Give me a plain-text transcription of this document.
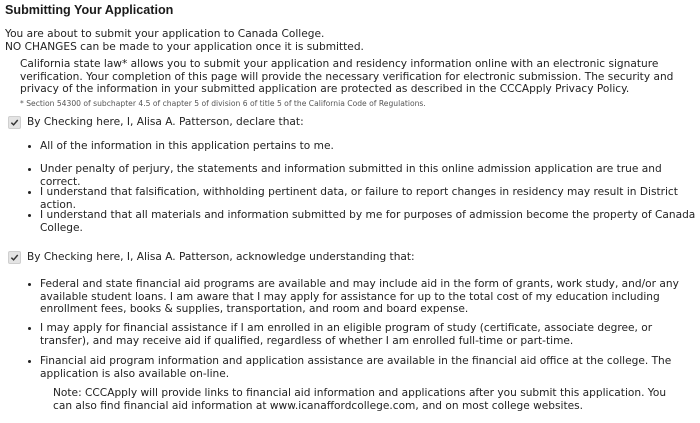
Submitting Your Application
You are about to submit your application to Canada College.
NO CHANGES can be made to your application once it is submitted.
California state law* allows you to submit your application and residency information online with an electronic signature verification. Your completion of this page will provide the necessary verification for electronic submission. The security and privacy of the information in your submitted application are protected as described in the CCCApply Privacy Policy.
* Section 54300 of subchapter 4.5 of chapter 5 of division 6 of title 5 of the California Code of Regulations.
By Checking here, I, Alisa A. Patterson, declare that:
All of the information in this application pertains to me.
Under penalty of perjury, the statements and information submitted in this online admission application are true and correct.
I understand that falsification, withholding pertinent data, or failure to report changes in residency may result in District action.
I understand that all materials and information submitted by me for purposes of admission become the property of Canada College.
By Checking here, I, Alisa A. Patterson, acknowledge understanding that:
Federal and state financial aid programs are available and may include aid in the form of grants, work study, and/or any available student loans. I am aware that I may apply for assistance for up to the total cost of my education including enrollment fees, books & supplies, transportation, and room and board expense.
I may apply for financial assistance if I am enrolled in an eligible program of study (certificate, associate degree, or transfer), and may receive aid if qualified, regardless of whether I am enrolled full-time or part-time.
Financial aid program information and application assistance are available in the financial aid office at the college. The application is also available on-line.
Note: CCCApply will provide links to financial aid information and applications after you submit this application. You can also find financial aid information at www.icanaffordcollege.com, and on most college websites.
